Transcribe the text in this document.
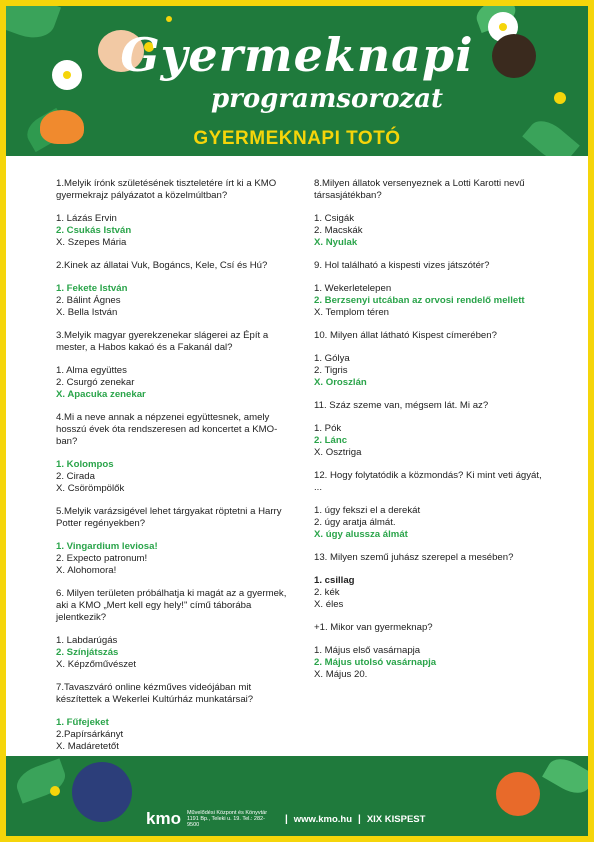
Gyermeknapi
programsorozat
GYERMEKNAPI TOTÓ
1.Melyik írónk születésének tiszteletére írt ki a KMO gyermekrajz pályázatot a közelmúltban?
1. Lázás Ervin
2. Csukás István
X. Szepes Mária
2.Kinek az állatai Vuk, Bogáncs, Kele, Csí és Hú?
1. Fekete István
2. Bálint Ágnes
X. Bella István
3.Melyik magyar gyerekzenekar slágerei az Épít a mester, a Habos kakaó és a Fakanál dal?
1. Alma együttes
2. Csurgó zenekar
X. Apacuka zenekar
4.Mi a neve annak a népzenei együttesnek, amely hosszú évek óta rendszeresen ad koncertet a KMO-ban?
1. Kolompos
2. Cirada
X. Csörömpölők
5.Melyik varázsigével lehet tárgyakat röptetni a Harry Potter regényekben?
1. Vingardium leviosa!
2. Expecto patronum!
X. Alohomora!
6. Milyen területen próbálhatja ki magát az a gyermek, aki a KMO „Mert kell egy hely!" című táborába jelentkezik?
1. Labdarúgás
2. Színjátszás
X. Képzőművészet
7.Tavaszváró online kézműves videójában mit készítettek a Wekerlei Kultúrház munkatársai?
1. Fűfejeket
2.Papírsárkányt
X. Madáretetőt
8.Milyen állatok versenyeznek a Lotti Karotti nevű társasjátékban?
1. Csigák
2. Macskák
X. Nyulak
9. Hol található a kispesti vizes játszótér?
1. Wekerletelepen
2. Berzsenyi utcában az orvosi rendelő mellett
X. Templom téren
10. Milyen állat látható Kispest címerében?
1. Gólya
2. Tigris
X. Oroszlán
11. Száz szeme van, mégsem lát. Mi az?
1. Pók
2. Lánc
X. Osztriga
12. Hogy folytatódik a közmondás? Ki mint veti ágyát, ...
1. úgy fekszi el a derekát
2. úgy aratja álmát.
X. úgy alussza álmát
13. Milyen szemű juhász szerepel a mesében?
1. csillag
2. kék
X. éles
+1. Mikor van gyermeknap?
1. Május első vasárnapja
2. Május utolsó vasárnapja
X. Május 20.
kmo Művelődési Központ és Könyvtár
1191 Bp., Teleki u. 19. Tel.: 282-9500
| www.kmo.hu | XIX KISPEST
